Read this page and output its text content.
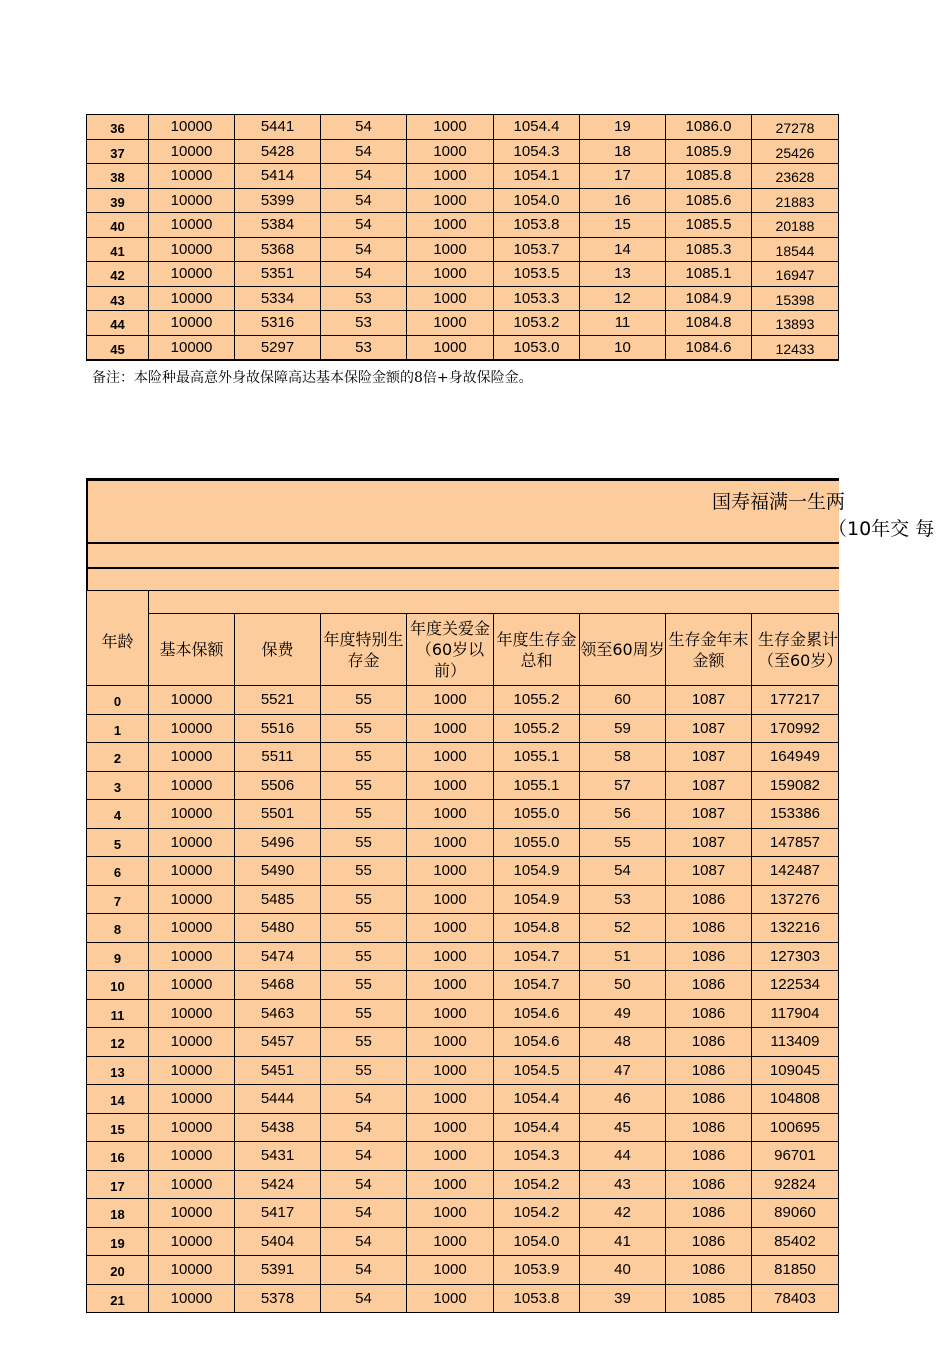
36	10000	5441	54	1000	1054.4	19	1086.0	27278
37	10000	5428	54	1000	1054.3	18	1085.9	25426
38	10000	5414	54	1000	1054.1	17	1085.8	23628
39	10000	5399	54	1000	1054.0	16	1085.6	21883
40	10000	5384	54	1000	1053.8	15	1085.5	20188
41	10000	5368	54	1000	1053.7	14	1085.3	18544
42	10000	5351	54	1000	1053.5	13	1085.1	16947
43	10000	5334	53	1000	1053.3	12	1084.9	15398
44	10000	5316	53	1000	1053.2	11	1084.8	13893
45	10000	5297	53	1000	1053.0	10	1084.6	12433
备注：本险种最高意外身故保障高达基本保险金额的8倍+身故保险金。
国寿福满一生两
（10年交 每
年龄								
	基本保额	保费	年度特别生存金	年度关爱金（60岁以前）	年度生存金总和	领至60周岁	生存金年末金额	生存金累计（至60岁）
0	10000	5521	55	1000	1055.2	60	1087	177217
1	10000	5516	55	1000	1055.2	59	1087	170992
2	10000	5511	55	1000	1055.1	58	1087	164949
3	10000	5506	55	1000	1055.1	57	1087	159082
4	10000	5501	55	1000	1055.0	56	1087	153386
5	10000	5496	55	1000	1055.0	55	1087	147857
6	10000	5490	55	1000	1054.9	54	1087	142487
7	10000	5485	55	1000	1054.9	53	1086	137276
8	10000	5480	55	1000	1054.8	52	1086	132216
9	10000	5474	55	1000	1054.7	51	1086	127303
10	10000	5468	55	1000	1054.7	50	1086	122534
11	10000	5463	55	1000	1054.6	49	1086	117904
12	10000	5457	55	1000	1054.6	48	1086	113409
13	10000	5451	55	1000	1054.5	47	1086	109045
14	10000	5444	54	1000	1054.4	46	1086	104808
15	10000	5438	54	1000	1054.4	45	1086	100695
16	10000	5431	54	1000	1054.3	44	1086	96701
17	10000	5424	54	1000	1054.2	43	1086	92824
18	10000	5417	54	1000	1054.2	42	1086	89060
19	10000	5404	54	1000	1054.0	41	1086	85402
20	10000	5391	54	1000	1053.9	40	1086	81850
21	10000	5378	54	1000	1053.8	39	1085	78403
